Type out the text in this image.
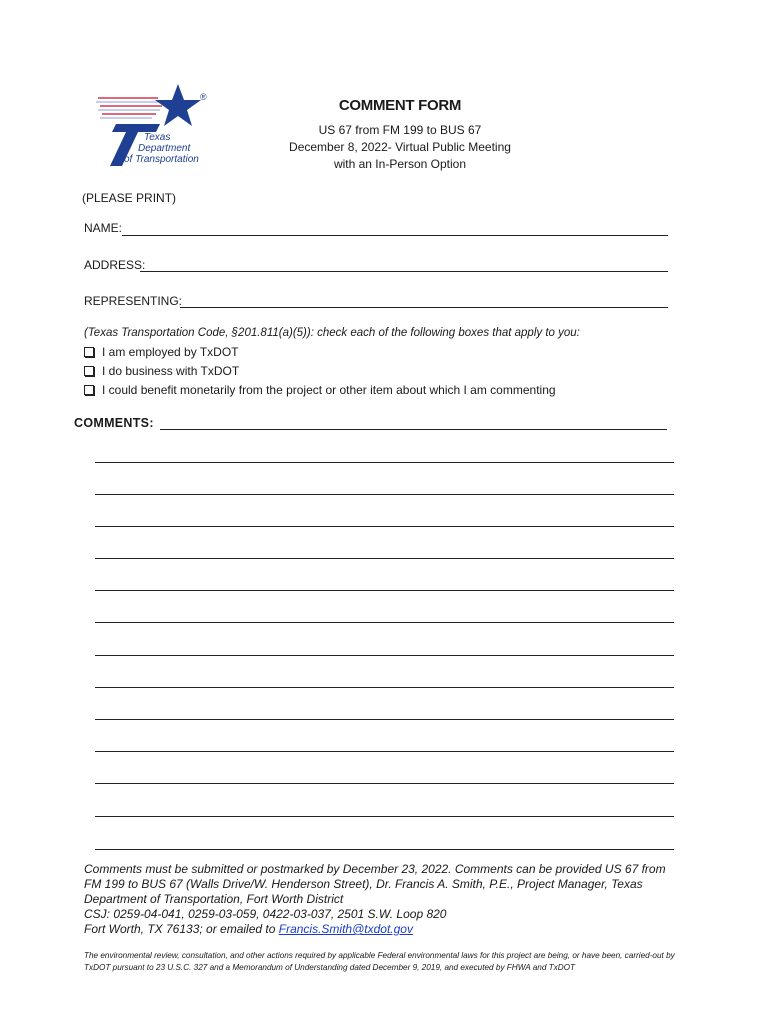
®
Texas
Department
of Transportation
COMMENT FORM
US 67 from FM 199 to BUS 67
December 8, 2022- Virtual Public Meeting
with an In-Person Option
(PLEASE PRINT)
NAME:
ADDRESS:
REPRESENTING:
(Texas Transportation Code, §201.811(a)(5)): check each of the following boxes that apply to you:
I am employed by TxDOT
I do business with TxDOT
I could benefit monetarily from the project or other item about which I am commenting
COMMENTS:
Comments must be submitted or postmarked by December 23, 2022. Comments can be provided US 67 from
FM 199 to BUS 67 (Walls Drive/W. Henderson Street), Dr. Francis A. Smith, P.E., Project Manager, Texas
Department of Transportation, Fort Worth District
CSJ: 0259-04-041, 0259-03-059, 0422-03-037, 2501 S.W. Loop 820
Fort Worth, TX 76133; or emailed to Francis.Smith@txdot.gov
The environmental review, consultation, and other actions required by applicable Federal environmental laws for this project are being, or have been, carried-out by TxDOT pursuant to 23 U.S.C. 327 and a Memorandum of Understanding dated December 9, 2019, and executed by FHWA and TxDOT
